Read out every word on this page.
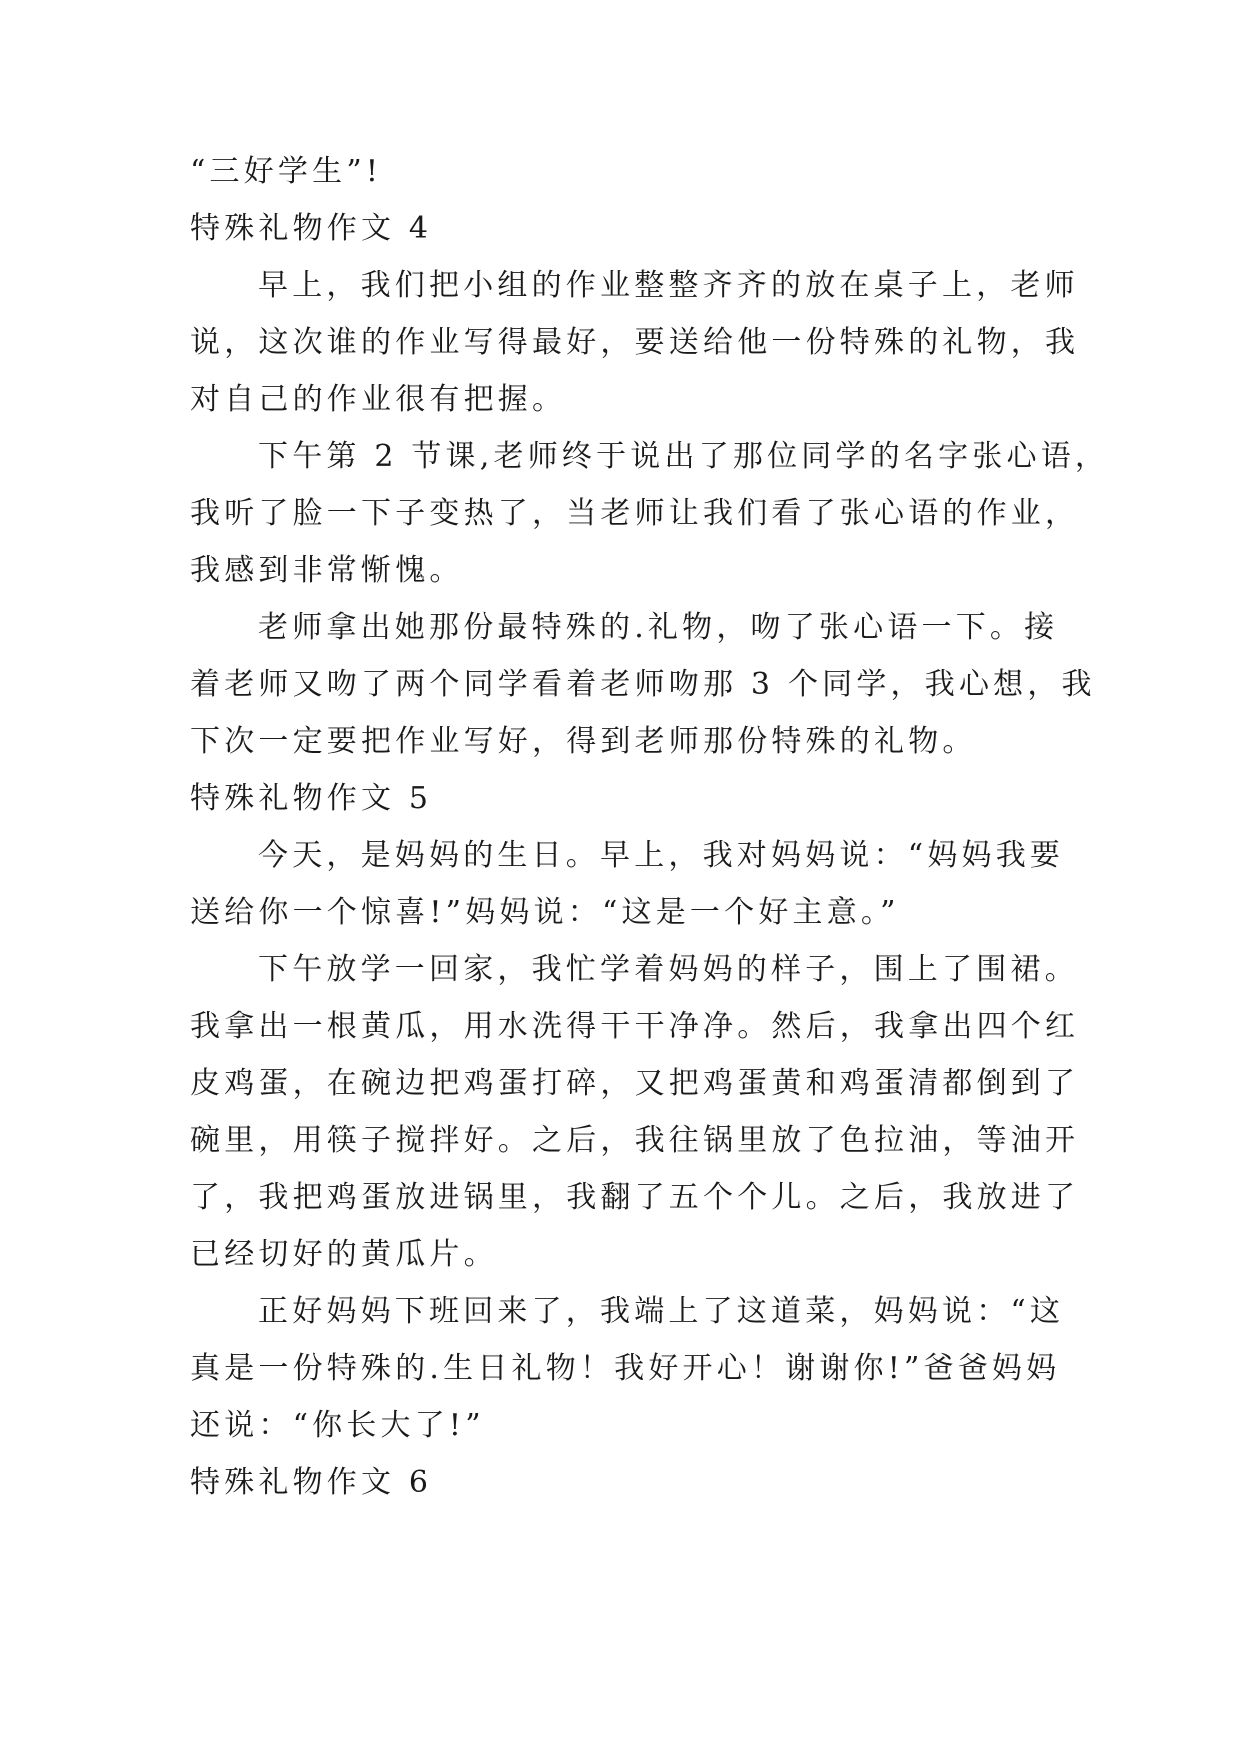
“三好学生”!
特殊礼物作文 4
早上，我们把小组的作业整整齐齐的放在桌子上，老师
说，这次谁的作业写得最好，要送给他一份特殊的礼物，我
对自己的作业很有把握。
下午第 2 节课,老师终于说出了那位同学的名字张心语，
我听了脸一下子变热了，当老师让我们看了张心语的作业，
我感到非常惭愧。
老师拿出她那份最特殊的.礼物，吻了张心语一下。接
着老师又吻了两个同学看着老师吻那 3 个同学，我心想，我
下次一定要把作业写好，得到老师那份特殊的礼物。
特殊礼物作文 5
今天，是妈妈的生日。早上，我对妈妈说：“妈妈我要
送给你一个惊喜!”妈妈说：“这是一个好主意。”
下午放学一回家，我忙学着妈妈的样子，围上了围裙。
我拿出一根黄瓜，用水洗得干干净净。然后，我拿出四个红
皮鸡蛋，在碗边把鸡蛋打碎，又把鸡蛋黄和鸡蛋清都倒到了
碗里，用筷子搅拌好。之后，我往锅里放了色拉油，等油开
了，我把鸡蛋放进锅里，我翻了五个个儿。之后，我放进了
已经切好的黄瓜片。
正好妈妈下班回来了，我端上了这道菜，妈妈说：“这
真是一份特殊的.生日礼物！我好开心！谢谢你!”爸爸妈妈
还说：“你长大了!”
特殊礼物作文 6
